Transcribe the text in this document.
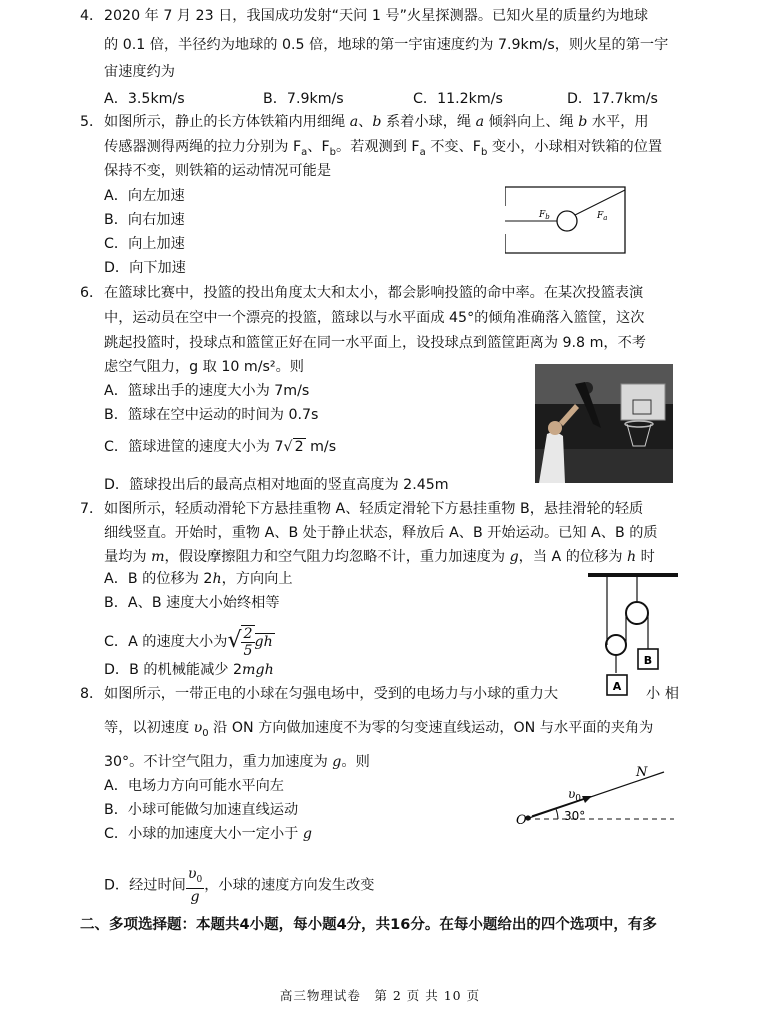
4． 2020 年 7 月 23 日，我国成功发射“天问 1 号”火星探测器。已知火星的质量约为地球
的 0.1 倍，半径约为地球的 0.5 倍，地球的第一宇宙速度约为 7.9km/s，则火星的第一宇
宙速度约为
A．3.5km/s	B．7.9km/s	C．11.2km/s	D．17.7km/s
5． 如图所示，静止的长方体铁箱内用细绳 a、b 系着小球，绳 a 倾斜向上、绳 b 水平，用
传感器测得两绳的拉力分别为 $F_a$、$F_b$。若观测到 $F_a$ 不变、$F_b$ 变小，小球相对铁箱的位置
保持不变，则铁箱的运动情况可能是
A．向左加速
B．向右加速
C．向上加速
D．向下加速
$F_b$	$F_a$
6． 在篮球比赛中，投篮的投出角度太大和太小，都会影响投篮的命中率。在某次投篮表演
中，运动员在空中一个漂亮的投篮，篮球以与水平面成 45°的倾角准确落入篮筐，这次
跳起投篮时，投球点和篮筐正好在同一水平面上，设投球点到篮筐距离为 9.8 m，不考
虑空气阻力，g 取 10 m/s²。则
A．篮球出手的速度大小为 7m/s
B．篮球在空中运动的时间为 0.7s
C．篮球进筐的速度大小为 7√ 2 m/s
D．篮球投出后的最高点相对地面的竖直高度为 2.45m
7． 如图所示，轻质动滑轮下方悬挂重物 A、轻质定滑轮下方悬挂重物 B，悬挂滑轮的轻质
细线竖直。开始时，重物 A、B 处于静止状态，释放后 A、B 开始运动。已知 A、B 的质
量均为 m，假设摩擦阻力和空气阻力均忽略不计，重力加速度为 g，当 A 的位移为 h 时
A．B 的位移为 2h，方向向上
B．A、B 速度大小始终相等
C．A 的速度大小为√ $\frac{2}{5}$ gh
D．B 的机械能减少 2mgh
B
A
8． 如图所示，一带正电的小球在匀强电场中，受到的电场力与小球的重力大	小 相
等，以初速度 $\upsilon_0$ 沿 ON 方向做加速度不为零的匀变速直线运动，ON 与水平面的夹角为
30°。不计空气阻力，重力加速度为 g。则
A．电场力方向可能水平向左
B．小球可能做匀加速直线运动
C．小球的加速度大小一定小于 g
D．经过时间 $\frac{\upsilon_0}{g}$ ，小球的速度方向发生改变
O
N
$\upsilon_0$
30°
二、多项选择题：本题共4小题，每小题4分，共16分。在每小题给出的四个选项中，有多
高三物理试卷　第 2 页 共 10 页
